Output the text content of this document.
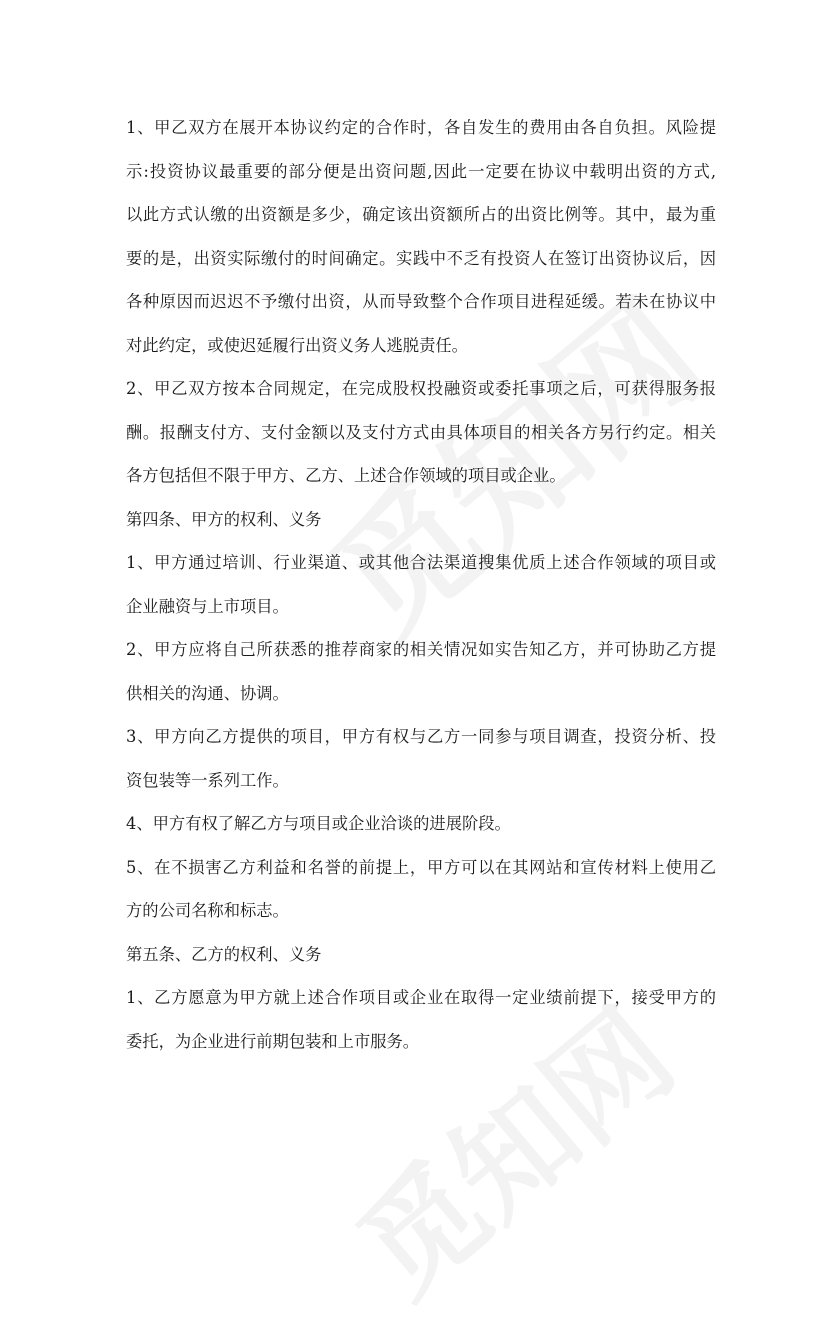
1、甲乙双方在展开本协议约定的合作时，各自发生的费用由各自负担。风险提
示:投资协议最重要的部分便是出资问题,因此一定要在协议中载明出资的方式,
以此方式认缴的出资额是多少，确定该出资额所占的出资比例等。其中，最为重
要的是，出资实际缴付的时间确定。实践中不乏有投资人在签订出资协议后，因
各种原因而迟迟不予缴付出资，从而导致整个合作项目进程延缓。若未在协议中
对此约定，或使迟延履行出资义务人逃脱责任。
2、甲乙双方按本合同规定，在完成股权投融资或委托事项之后，可获得服务报
酬。报酬支付方、支付金额以及支付方式由具体项目的相关各方另行约定。相关
各方包括但不限于甲方、乙方、上述合作领域的项目或企业。
第四条、甲方的权利、义务
1、甲方通过培训、行业渠道、或其他合法渠道搜集优质上述合作领域的项目或
企业融资与上市项目。
2、甲方应将自己所获悉的推荐商家的相关情况如实告知乙方，并可协助乙方提
供相关的沟通、协调。
3、甲方向乙方提供的项目，甲方有权与乙方一同参与项目调查，投资分析、投
资包装等一系列工作。
4、甲方有权了解乙方与项目或企业洽谈的进展阶段。
5、在不损害乙方利益和名誉的前提上，甲方可以在其网站和宣传材料上使用乙
方的公司名称和标志。
第五条、乙方的权利、义务
1、乙方愿意为甲方就上述合作项目或企业在取得一定业绩前提下，接受甲方的
委托，为企业进行前期包装和上市服务。
